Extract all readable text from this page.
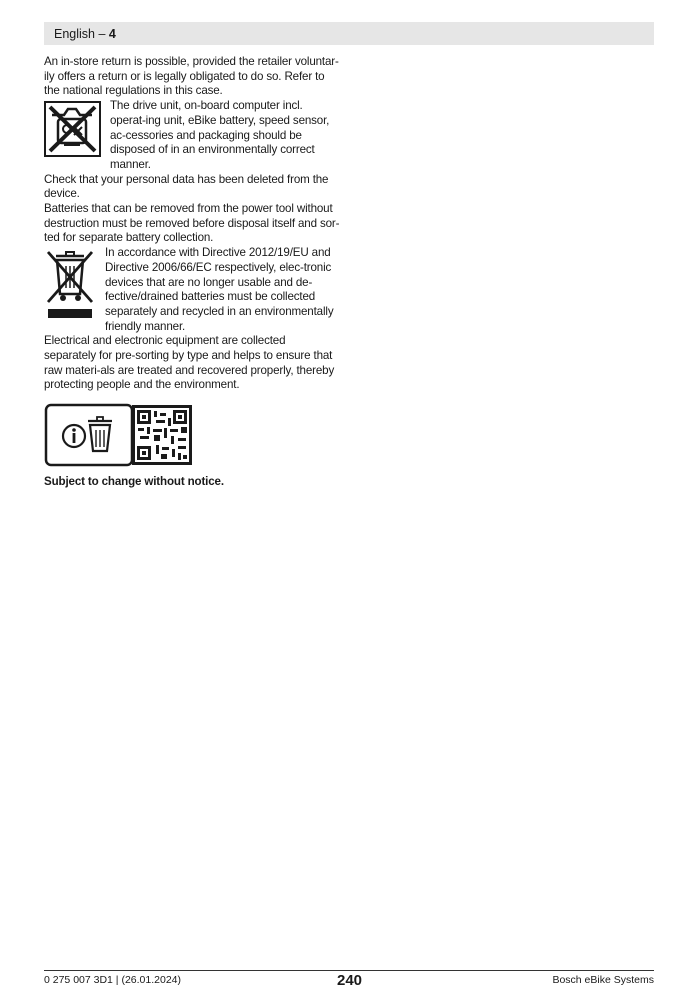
English – 4

An in-store return is possible, provided the retailer voluntar-ily offers a return or is legally obligated to do so. Refer to the national regulations in this case.

The drive unit, on-board computer incl. operat-ing unit, eBike battery, speed sensor, ac-cessories and packaging should be disposed of in an environmentally correct manner.

Check that your personal data has been deleted from the device.

Batteries that can be removed from the power tool without destruction must be removed before disposal itself and sor-ted for separate battery collection.

In accordance with Directive 2012/19/EU and Directive 2006/66/EC respectively, elec-tronic devices that are no longer usable and de-fective/drained batteries must be collected separately and recycled in an environmentally friendly manner.

Electrical and electronic equipment are collected separately for pre-sorting by type and helps to ensure that raw materi-als are treated and recovered properly, thereby protecting people and the environment.

Subject to change without notice.

0 275 007 3D1 | (26.01.2024)	240	Bosch eBike Systems
